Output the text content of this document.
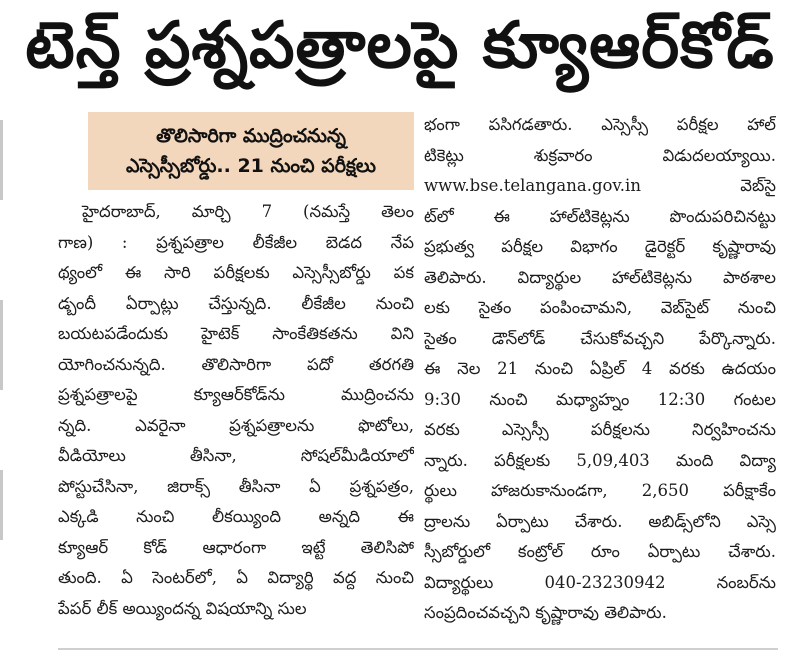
టెన్త్ ప్రశ్నపత్రాలపై క్యూఆర్‌కోడ్
తొలిసారిగా ముద్రించనున్న
ఎస్సెస్సీబోర్డు.. 21 నుంచి పరీక్షలు
హైదరాబాద్‌, మార్చి 7 (నమస్తే తెలం
గాణ) : ప్రశ్నపత్రాల లీకేజీల బెడద నేప
థ్యంలో ఈ సారి పరీక్షలకు ఎస్సెస్సీబోర్డు పక
డ్బందీ ఏర్పాట్లు చేస్తున్నది. లీకేజీల నుంచి
బయటపడేందుకు హైటెక్‌ సాంకేతికతను విని
యోగించనున్నది. తొలిసారిగా పదో తరగతి
ప్రశ్నపత్రాలపై క్యూఆర్‌కోడ్‌ను ముద్రించను
న్నది. ఎవరైనా ప్రశ్నపత్రాలను ఫొటోలు,
వీడియోలు తీసినా, సోషల్‌మీడియాలో
పోస్టుచేసినా, జిరాక్స్‌ తీసినా ఏ ప్రశ్నపత్రం,
ఎక్కడి నుంచి లీకయ్యింది అన్నది ఈ
క్యూఆర్‌ కోడ్‌ ఆధారంగా ఇట్టే తెలిసిపో
తుంది. ఏ సెంటర్‌లో, ఏ విద్యార్థి వద్ద నుంచి
పేపర్‌ లీక్‌ అయ్యిందన్న విషయాన్ని సుల
భంగా పసిగడతారు. ఎస్సెస్సీ పరీక్షల హాల్‌
టికెట్లు శుక్రవారం విడుదలయ్యాయి.
www.bse.telangana.gov.in వెబ్‌సై
ట్‌లో ఈ హాల్‌టికెట్లను పొందుపరిచినట్టు
ప్రభుత్వ పరీక్షల విభాగం డైరెక్టర్‌ కృష్ణారావు
తెలిపారు. విద్యార్థుల హాల్‌టికెట్లను పాఠశాల
లకు సైతం పంపించామని, వెబ్‌సైట్‌ నుంచి
సైతం డౌన్‌లోడ్‌ చేసుకోవచ్చని పేర్కొన్నారు.
ఈ నెల 21 నుంచి ఏప్రిల్‌ 4 వరకు ఉదయం
9:30 నుంచి మధ్యాహ్నం 12:30 గంటల
వరకు ఎస్సెస్సీ పరీక్షలను నిర్వహించను
న్నారు. పరీక్షలకు 5,09,403 మంది విద్యా
ర్థులు హాజరుకానుండగా, 2,650 పరీక్షాకేం
ద్రాలను ఏర్పాటు చేశారు. అబిడ్స్‌లోని ఎస్సె
స్సీబోర్డులో కంట్రోల్‌ రూం ఏర్పాటు చేశారు.
విద్యార్థులు 040-23230942 నంబర్‌ను
సంప్రదించవచ్చని కృష్ణారావు తెలిపారు.
